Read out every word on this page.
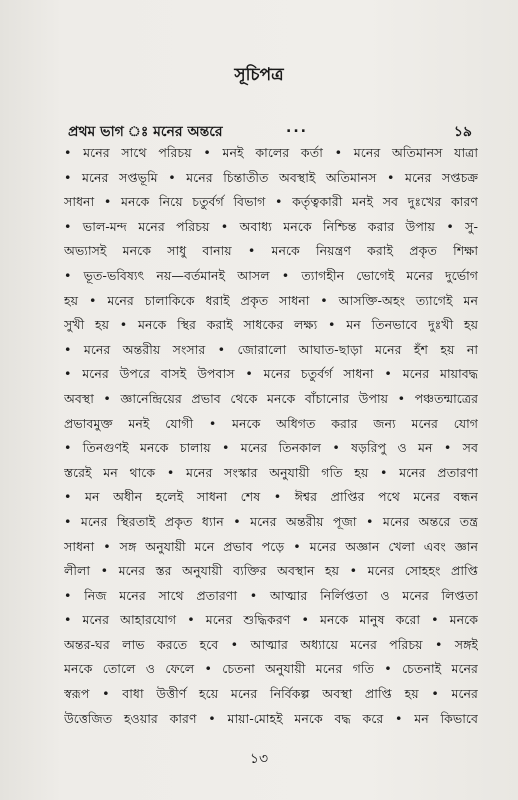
সূচিপত্র
প্রথম ভাগ ঃ মনের অন্তরে	...	১৯
• মনের সাথে পরিচয় • মনই কালের কর্তা • মনের অতিমানস যাত্রা
• মনের সপ্তভূমি • মনের চিন্তাতীত অবস্থাই অতিমানস • মনের সপ্তচক্র
সাধনা • মনকে নিয়ে চতুর্বর্গ বিভাগ • কর্তৃত্বকারী মনই সব দুঃখের কারণ
• ভাল-মন্দ মনের পরিচয় • অবাধ্য মনকে নিশ্চিন্ত করার উপায় • সু-
অভ্যাসই মনকে সাধু বানায় • মনকে নিয়ন্ত্রণ করাই প্রকৃত শিক্ষা
• ভূত-ভবিষ্যৎ নয়—বর্তমানই আসল • ত্যাগহীন ভোগেই মনের দুর্ভোগ
হয় • মনের চালাকিকে ধরাই প্রকৃত সাধনা • আসক্তি-অহং ত্যাগেই মন
সুখী হয় • মনকে স্থির করাই সাধকের লক্ষ্য • মন তিনভাবে দুঃখী হয়
• মনের অন্তরীয় সংসার • জোরালো আঘাত-ছাড়া মনের হঁশ হয় না
• মনের উপরে বাসই উপবাস • মনের চতুর্বর্গ সাধনা • মনের মায়াবদ্ধ
অবস্থা • জ্ঞানেন্দ্রিয়ের প্রভাব থেকে মনকে বাঁচানোর উপায় • পঞ্চতন্মাত্রের
প্রভাবমুক্ত মনই যোগী • মনকে অধিগত করার জন্য মনের যোগ
• তিনগুণই মনকে চালায় • মনের তিনকাল • ষড়রিপু ও মন • সব
স্তরেই মন থাকে • মনের সংস্কার অনুযায়ী গতি হয় • মনের প্রতারণা
• মন অধীন হলেই সাধনা শেষ • ঈশ্বর প্রাপ্তির পথে মনের বন্ধন
• মনের স্থিরতাই প্রকৃত ধ্যান • মনের অন্তরীয় পূজা • মনের অন্তরে তন্ত্র
সাধনা • সঙ্গ অনুযায়ী মনে প্রভাব পড়ে • মনের অজ্ঞান খেলা এবং জ্ঞান
লীলা • মনের স্তর অনুযায়ী ব্যক্তির অবস্থান হয় • মনের সোহহং প্রাপ্তি
• নিজ মনের সাথে প্রতারণা • আত্মার নির্লিপ্ততা ও মনের লিপ্ততা
• মনের আহারযোগ • মনের শুদ্ধিকরণ • মনকে মানুষ করো • মনকে
অন্তর-ঘর লাভ করতে হবে • আত্মার অধ্যায়ে মনের পরিচয় • সঙ্গই
মনকে তোলে ও ফেলে • চেতনা অনুযায়ী মনের গতি • চেতনাই মনের
স্বরূপ • বাধা উত্তীর্ণ হয়ে মনের নির্বিকল্প অবস্থা প্রাপ্তি হয় • মনের
উত্তেজিত হওয়ার কারণ • মায়া-মোহই মনকে বদ্ধ করে • মন কিভাবে
১৩
